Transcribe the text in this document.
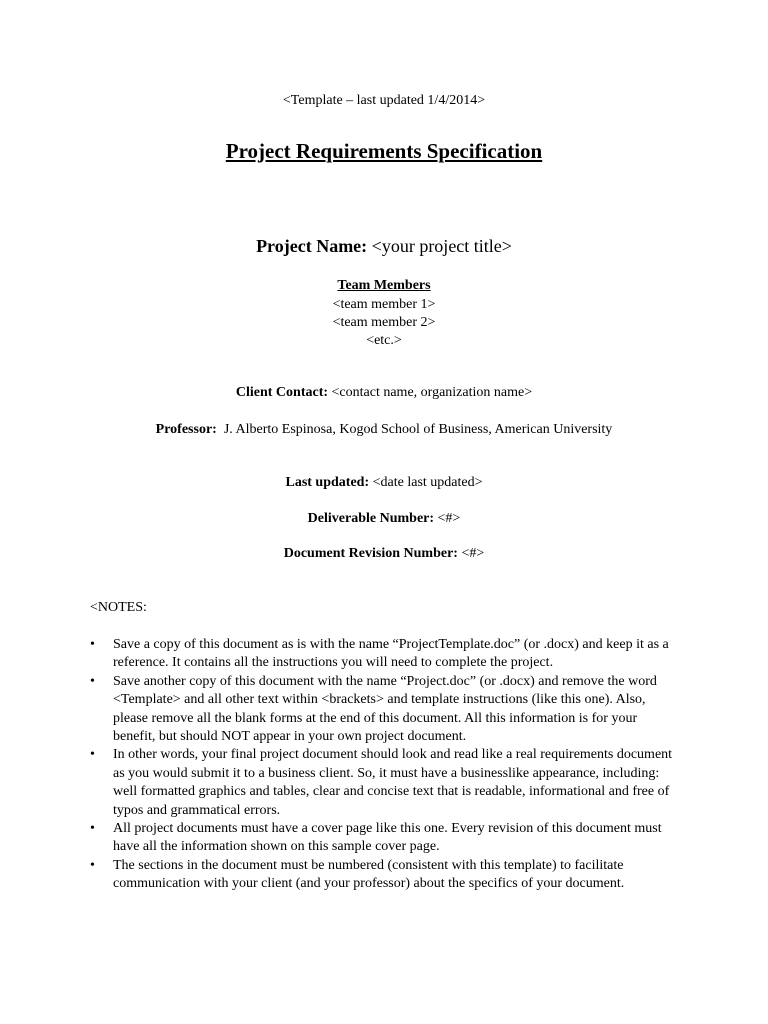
<Template – last updated 1/4/2014>
Project Requirements Specification
Project Name: <your project title>
Team Members
<team member 1>
<team member 2>
<etc.>
Client Contact: <contact name, organization name>
Professor: J. Alberto Espinosa, Kogod School of Business, American University
Last updated: <date last updated>
Deliverable Number: <#>
Document Revision Number: <#>
<NOTES:
• Save a copy of this document as is with the name “ProjectTemplate.doc” (or .docx) and keep it as a reference. It contains all the instructions you will need to complete the project.
• Save another copy of this document with the name “Project.doc” (or .docx) and remove the word <Template> and all other text within <brackets> and template instructions (like this one). Also, please remove all the blank forms at the end of this document. All this information is for your benefit, but should NOT appear in your own project document.
• In other words, your final project document should look and read like a real requirements document as you would submit it to a business client. So, it must have a businesslike appearance, including: well formatted graphics and tables, clear and concise text that is readable, informational and free of typos and grammatical errors.
• All project documents must have a cover page like this one. Every revision of this document must have all the information shown on this sample cover page.
• The sections in the document must be numbered (consistent with this template) to facilitate communication with your client (and your professor) about the specifics of your document.
